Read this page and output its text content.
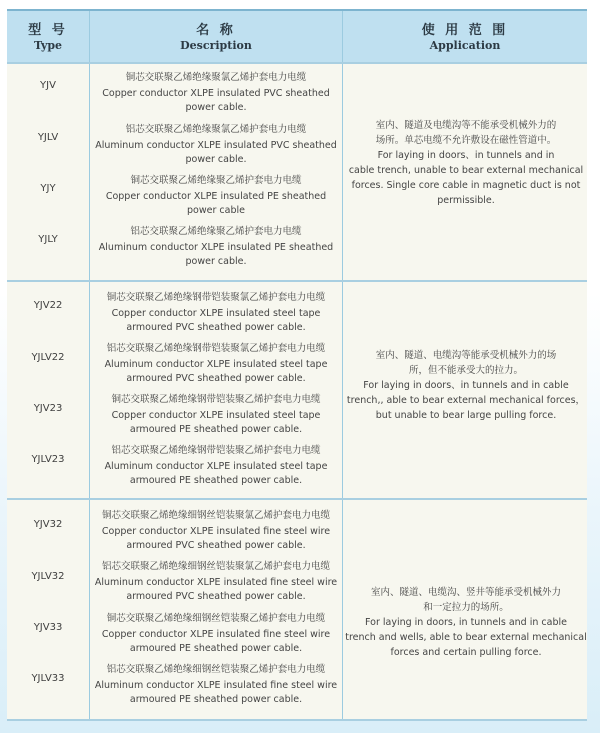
型 号
Type
名 称
Description
使 用 范 围
Application
YJV
铜芯交联聚乙烯绝缘聚氯乙烯护套电力电缆
Copper conductor XLPE insulated PVC sheathed
power cable.
YJLV
铝芯交联聚乙烯绝缘聚氯乙烯护套电力电缆
Aluminum conductor XLPE insulated PVC sheathed
power cable.
YJY
铜芯交联聚乙烯绝缘聚乙烯护套电力电缆
Copper conductor XLPE insulated PE sheathed
power cable
YJLY
铝芯交联聚乙烯绝缘聚乙烯护套电力电缆
Aluminum conductor XLPE insulated PE sheathed
power cable.
室内、隧道及电缆沟等不能承受机械外力的
场所。单芯电缆不允许敷设在磁性管道中。
For laying in doors、in tunnels and in
cable trench, unable to bear external mechanical
forces. Single core cable in magnetic duct is not
permissible.
YJV22
铜芯交联聚乙烯绝缘钢带铠装聚氯乙烯护套电力电缆
Copper conductor XLPE insulated steel tape
armoured PVC sheathed power cable.
YJLV22
铝芯交联聚乙烯绝缘钢带铠装聚氯乙烯护套电力电缆
Aluminum conductor XLPE insulated steel tape
armoured PVC sheathed power cable.
YJV23
铜芯交联聚乙烯绝缘钢带铠装聚乙烯护套电力电缆
Copper conductor XLPE insulated steel tape
armoured PE sheathed power cable.
YJLV23
铝芯交联聚乙烯绝缘钢带铠装聚乙烯护套电力电缆
Aluminum conductor XLPE insulated steel tape
armoured PE sheathed power cable.
室内、隧道、电缆沟等能承受机械外力的场
所，但不能承受大的拉力。
For laying in doors、in tunnels and in cable
trench,, able to bear external mechanical forces，
but unable to bear large pulling force.
YJV32
铜芯交联聚乙烯绝缘细钢丝铠装聚氯乙烯护套电力电缆
Copper conductor XLPE insulated fine steel wire
armoured PVC sheathed power cable.
YJLV32
铝芯交联聚乙烯绝缘细钢丝铠装聚氯乙烯护套电力电缆
Aluminum conductor XLPE insulated fine steel wire
armoured PVC sheathed power cable.
YJV33
铜芯交联聚乙烯绝缘细钢丝铠装聚乙烯护套电力电缆
Copper conductor XLPE insulated fine steel wire
armoured PE sheathed power cable.
YJLV33
铝芯交联聚乙烯绝缘细钢丝铠装聚乙烯护套电力电缆
Aluminum conductor XLPE insulated fine steel wire
armoured PE sheathed power cable.
室内、隧道、电缆沟、竖井等能承受机械外力
和一定拉力的场所。
For laying in doors, in tunnels and in cable
trench and wells, able to bear external mechanical
forces and certain pulling force.
